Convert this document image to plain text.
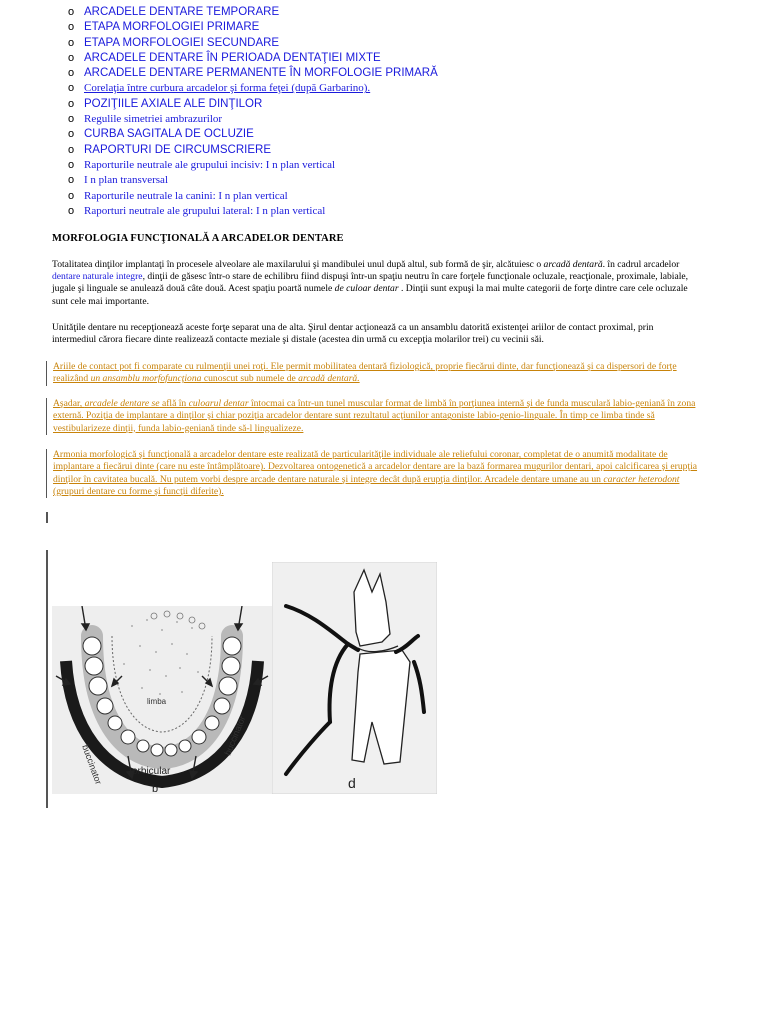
o ARCADELE DENTARE TEMPORARE
o ETAPA MORFOLOGIEI PRIMARE
o ETAPA MORFOLOGIEI SECUNDARE
o ARCADELE DENTARE ÎN PERIOADA DENTAŢIEI MIXTE
o ARCADELE DENTARE PERMANENTE ÎN MORFOLOGIE PRIMARĂ
o Corelaţia între curbura arcadelor şi forma feţei (după Garbarino).
o POZIŢIILE AXIALE ALE DINŢILOR
o Regulile simetriei ambrazurilor
o CURBA SAGITALA DE OCLUZIE
o RAPORTURI DE CIRCUMSCRIERE
o Raporturile neutrale ale grupului incisiv: I n plan vertical
o I n plan transversal
o Raporturile neutrale la canini: I n plan vertical
o Raporturi neutrale ale grupului lateral: I n plan vertical
MORFOLOGIA FUNCŢIONALĂ A ARCADELOR DENTARE

Totalitatea dinţilor implantaţi în procesele alveolare ale maxilarului şi mandibulei unul după altul, sub formă de şir, alcătuiesc o arcadă dentară. în cadrul arcadelor dentare naturale integre, dinţii de găsesc într-o stare de echilibru fiind dispuşi într-un spaţiu neutru în care forţele funcţionale ocluzale, reacţionale, proximale, labiale, jugale şi linguale se anulează două câte două. Acest spaţiu poartă numele de culoar dentar . Dinţii sunt expuşi la mai multe categorii de forţe dintre care cele ocluzale sunt cele mai importante.

Unităţile dentare nu recepţionează aceste forţe separat una de alta. Şirul dentar acţionează ca un ansamblu datorită existenţei ariilor de contact proximal, prin intermediul cărora fiecare dinte realizează contacte meziale şi distale (acestea din urmă cu excepţia molarilor trei) cu vecinii săi.

Ariile de contact pot fi comparate cu rulmenţii unei roţi. Ele permit mobilitatea dentară fiziologică, proprie fiecărui dinte, dar funcţionează şi ca dispersori de forţe realizând un ansamblu morfofuncţiona cunoscut sub numele de arcadă dentară.
Aşadar, arcadele dentare se află în culoarul dentar întocmai ca într-un tunel muscular format de limbă în porţiunea internă şi de funda musculară labio-geniană în zona externă. Poziţia de implantare a dinţilor şi chiar poziţia arcadelor dentare sunt rezultatul acţiunilor antagoniste labio-genio-linguale. În timp ce limba tinde să vestibularizeze dinţii, funda labio-geniană tinde să-l lingualizeze.
Armonia morfologică şi funcţională a arcadelor dentare este realizată de particularităţile individuale ale reliefului coronar, completat de o anumită modalitate de implantare a fiecărui dinte (care nu este întâmplătoare). Dezvoltarea ontogenetică a arcadelor dentare are la bază formarea mugurilor dentari, apoi calcificarea şi erupţia dinţilor în cavitatea bucală. Nu putem vorbi despre arcade dentare naturale şi integre decât după erupţia dinţilor. Arcadele dentare umane au un caracter heterodont (grupuri dentare cu forme şi funcţii diferite).
limba
buccinator
buccinator
orbicular
b	d
